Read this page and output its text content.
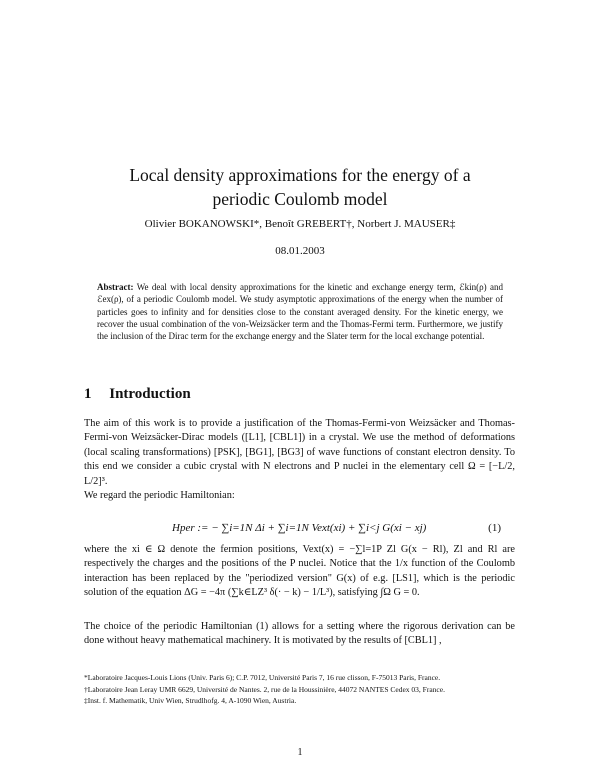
Local density approximations for the energy of a periodic Coulomb model
Olivier BOKANOWSKI*, Benoît GREBERT†, Norbert J. MAUSER‡
08.01.2003
Abstract: We deal with local density approximations for the kinetic and exchange energy term, ℰkin(ρ) and ℰex(ρ), of a periodic Coulomb model. We study asymptotic approximations of the energy when the number of particles goes to infinity and for densities close to the constant averaged density. For the kinetic energy, we recover the usual combination of the von-Weizsäcker term and the Thomas-Fermi term. Furthermore, we justify the inclusion of the Dirac term for the exchange energy and the Slater term for the local exchange potential.
1 Introduction
The aim of this work is to provide a justification of the Thomas-Fermi-von Weizsäcker and Thomas-Fermi-von Weizsäcker-Dirac models ([L1], [CBL1]) in a crystal. We use the method of deformations (local scaling transformations) [PSK], [BG1], [BG3] of wave functions of constant electron density. To this end we consider a cubic crystal with N electrons and P nuclei in the elementary cell Ω = [−L/2, L/2]³.
We regard the periodic Hamiltonian:
Hper := − ∑i=1N Δi + ∑i=1N Vext(xi) + ∑i<j G(xi − xj)	(1)
where the xi ∈ Ω denote the fermion positions, Vext(x) = −∑l=1P Zl G(x − Rl), Zl and Rl are respectively the charges and the positions of the P nuclei. Notice that the 1/x function of the Coulomb interaction has been replaced by the "periodized version" G(x) of e.g. [LS1], which is the periodic solution of the equation ΔG = −4π (∑k∈LZ³ δ(· − k) − 1/L³), satisfying ∫Ω G = 0.
The choice of the periodic Hamiltonian (1) allows for a setting where the rigorous derivation can be done without heavy mathematical machinery. It is motivated by the results of [CBL1] ,
*Laboratoire Jacques-Louis Lions (Univ. Paris 6); C.P. 7012, Université Paris 7, 16 rue clisson, F-75013 Paris, France.
†Laboratoire Jean Leray UMR 6629, Université de Nantes. 2, rue de la Houssinière, 44072 NANTES Cedex 03, France.
‡Inst. f. Mathematik, Univ Wien, Strudlhofg. 4, A-1090 Wien, Austria.
1
